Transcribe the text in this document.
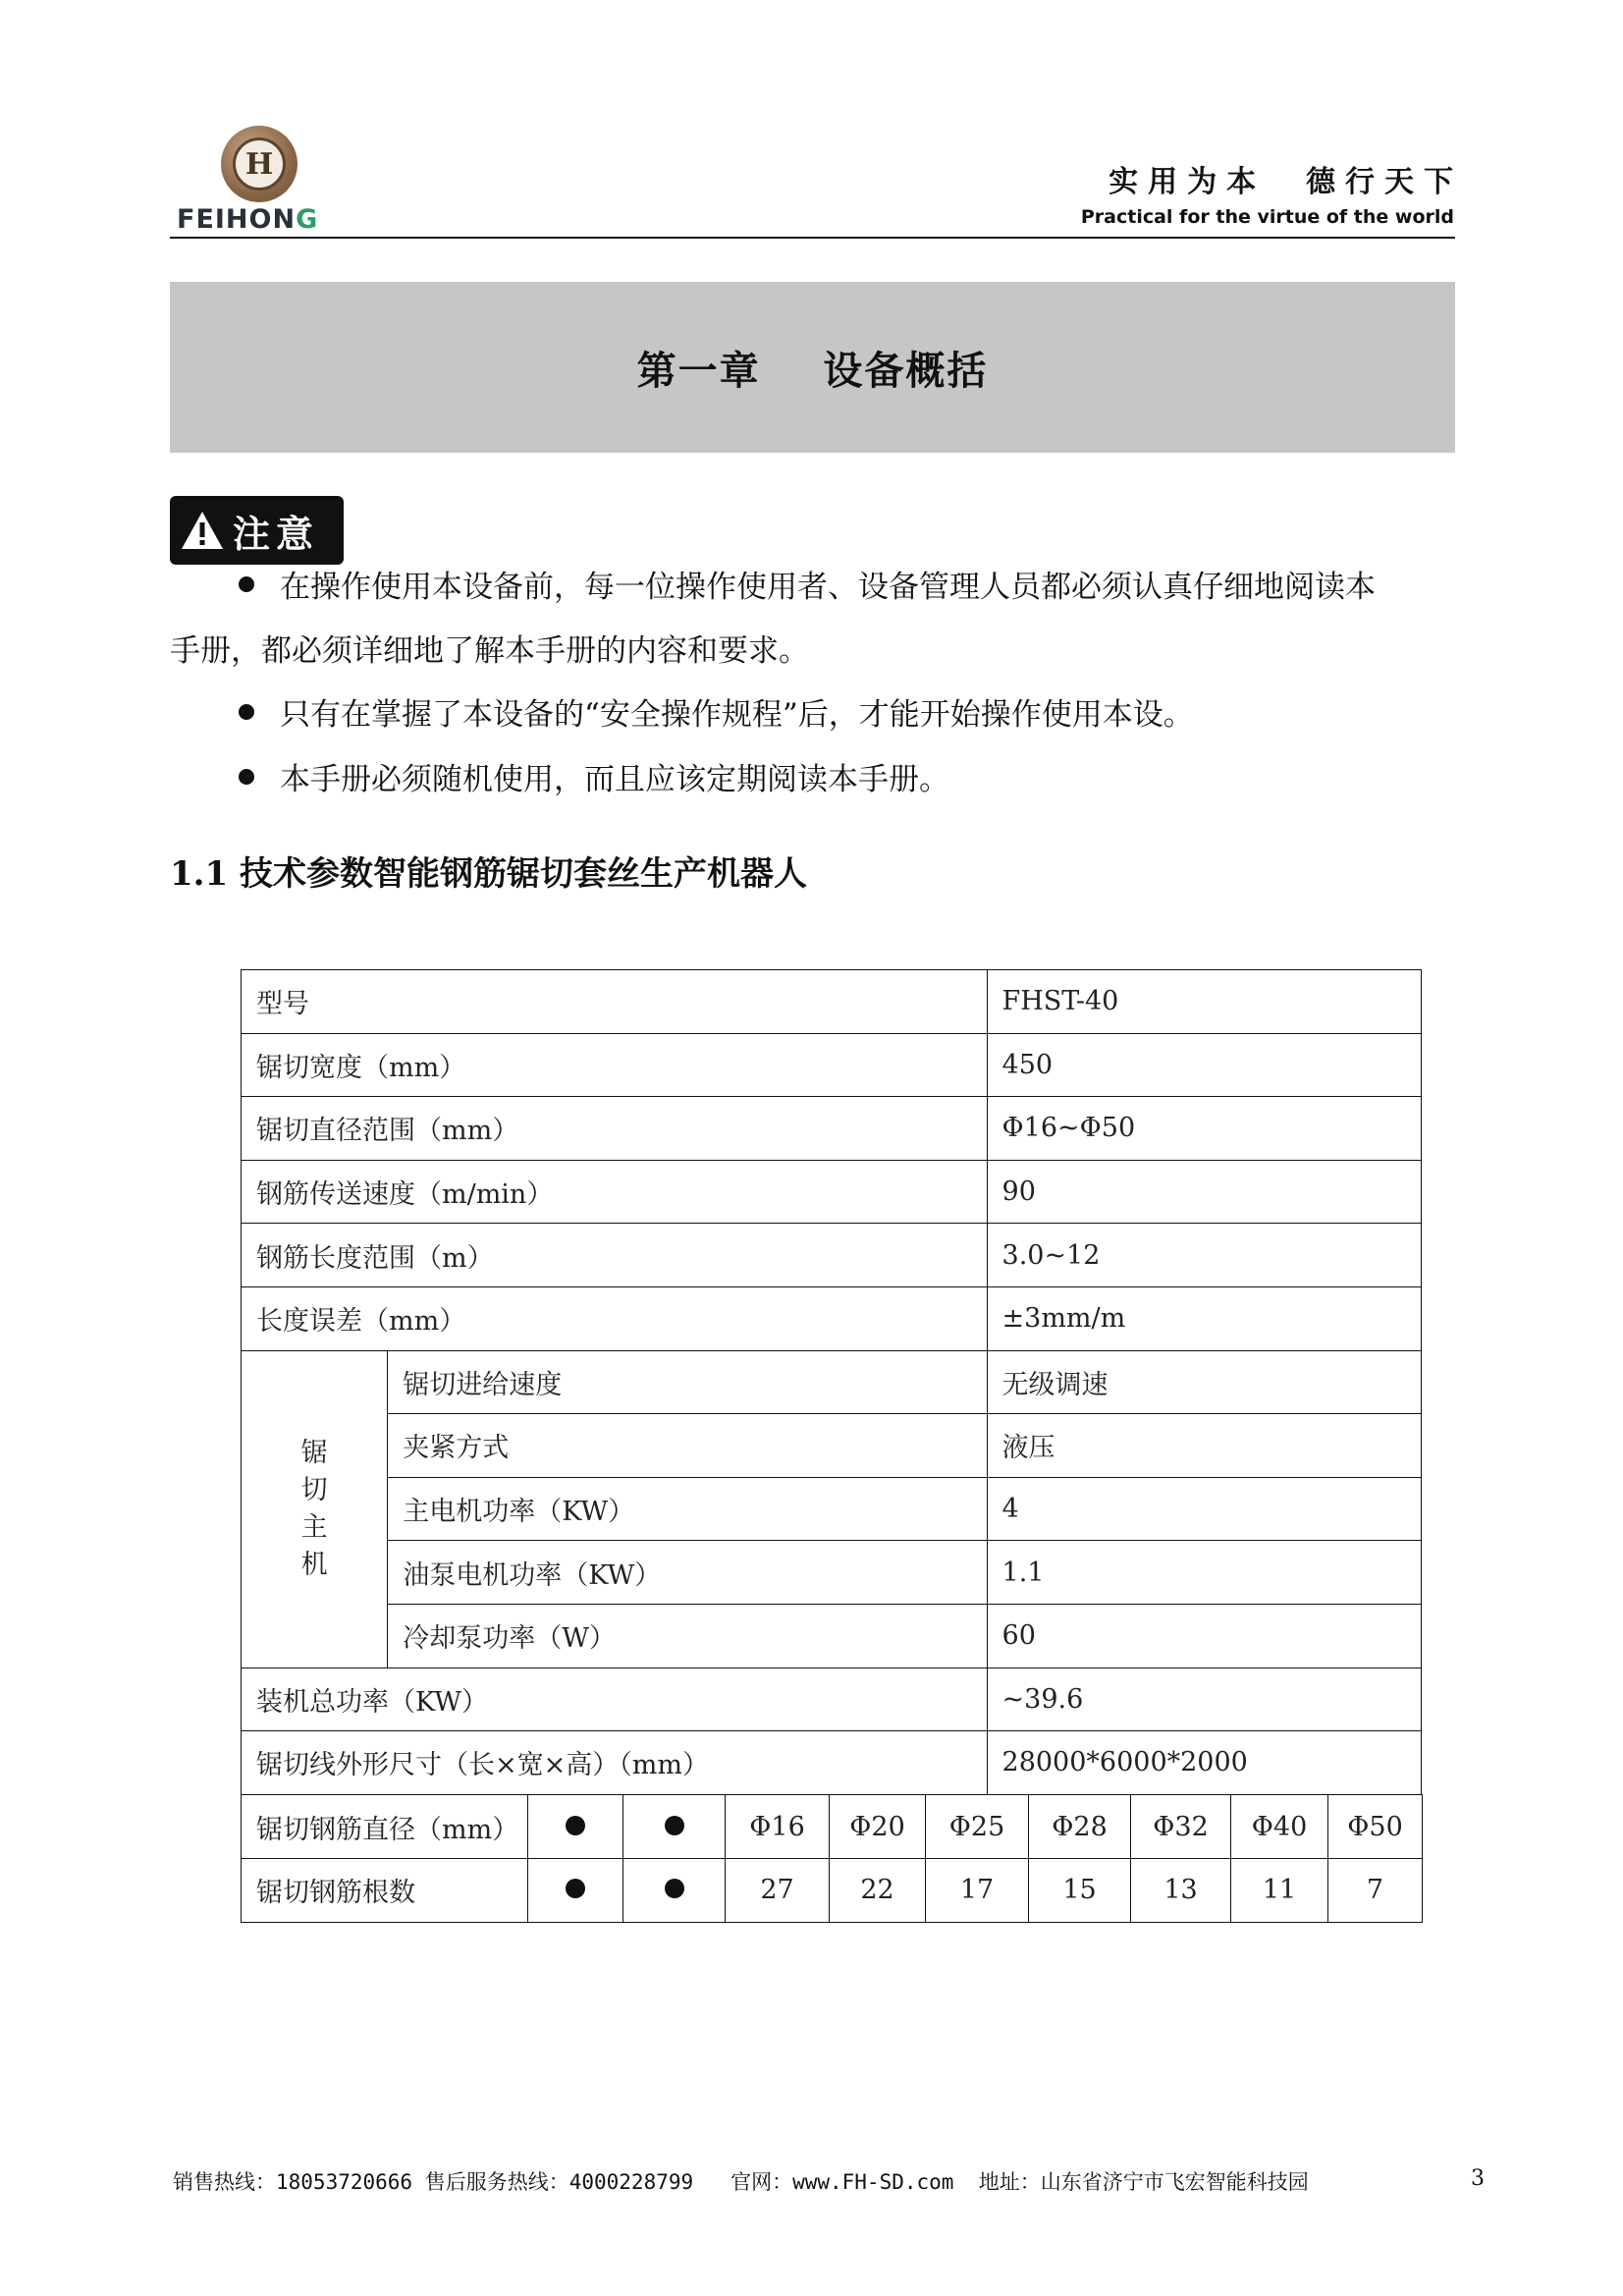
H
FEIHONG
实用为本  德行天下
Practical for the virtue of the world
第一章    设备概括
注意
在操作使用本设备前，每一位操作使用者、设备管理人员都必须认真仔细地阅读本
手册，都必须详细地了解本手册的内容和要求。
只有在掌握了本设备的“安全操作规程”后，才能开始操作使用本设。
本手册必须随机使用，而且应该定期阅读本手册。
1.1 技术参数智能钢筋锯切套丝生产机器人
型号		FHST-40
锯切宽度（mm）		450
锯切直径范围（mm）		Φ16~Φ50
钢筋传送速度（m/min）		90
钢筋长度范围（m）		3.0~12
长度误差（mm）		±3mm/m

锯
切
主
机	锯切进给速度	无级调速
	夹紧方式	液压
	主电机功率（KW）	4
	油泵电机功率（KW）	1.1
	冷却泵功率（W）	60
装机总功率（KW）		~39.6
锯切线外形尺寸（长×宽×高）（mm）		28000*6000*2000
锯切钢筋直径（mm）			Φ16	Φ20	Φ25	Φ28	Φ32	Φ40	Φ50
锯切钢筋根数			27	22	17	15	13	11	7
销售热线：18053720666 售后服务热线：4000228799   官网：www.FH-SD.com  地址：山东省济宁市飞宏智能科技园	3
